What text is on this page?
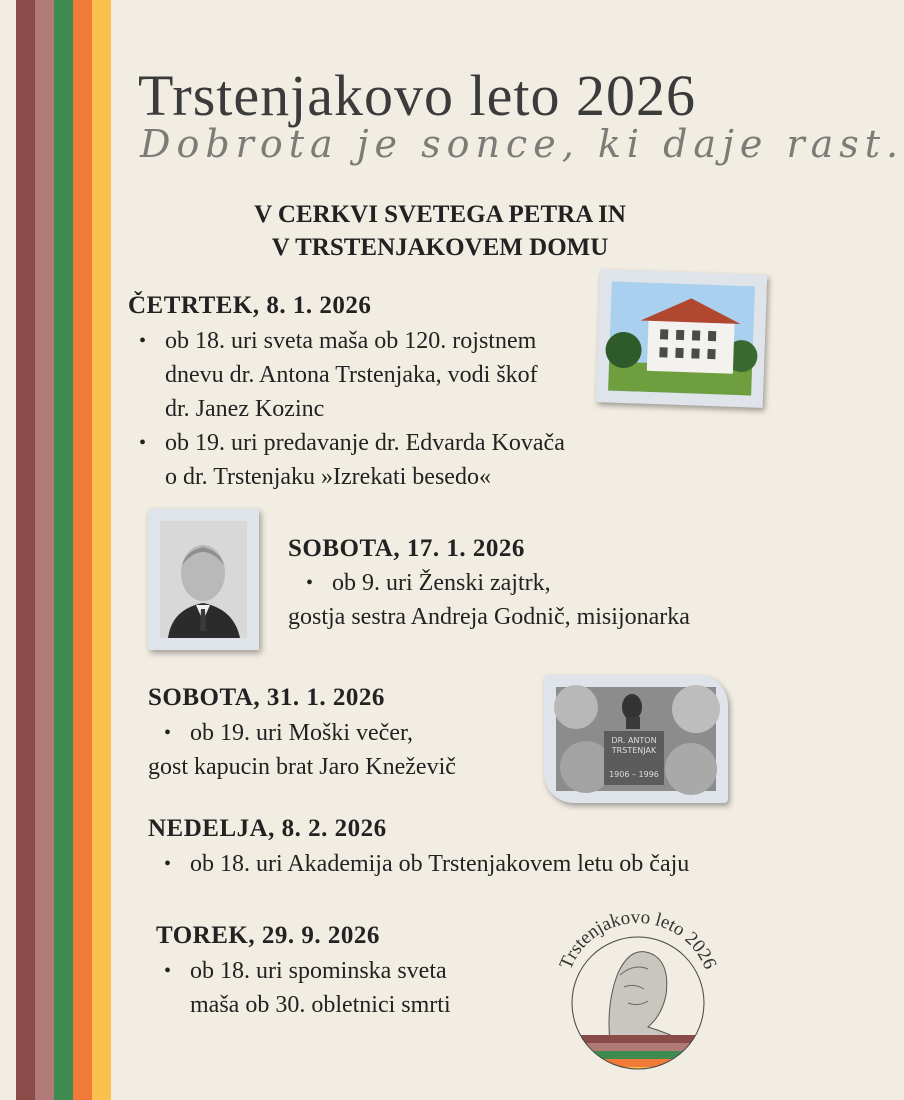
Trstenjakovo leto 2026
Dobrota je sonce, ki daje rast.
V CERKVI SVETEGA PETRA IN
V TRSTENJAKOVEM DOMU
ČETRTEK, 8. 1. 2026
• ob 18. uri sveta maša ob 120. rojstnem
dnevu dr. Antona Trstenjaka, vodi škof
dr. Janez Kozinc
• ob 19. uri predavanje dr. Edvarda Kovača
o dr. Trstenjaku »Izrekati besedo«
SOBOTA, 17. 1. 2026
• ob 9. uri Ženski zajtrk,
gostja sestra Andreja Godnič, misijonarka
SOBOTA, 31. 1. 2026
• ob 19. uri Moški večer,
gost kapucin brat Jaro Kneževič
DR. ANTON
TRSTENJAK
1906 – 1996
NEDELJA, 8. 2. 2026
• ob 18. uri Akademija ob Trstenjakovem letu ob čaju
TOREK, 29. 9. 2026
• ob 18. uri spominska sveta
maša ob 30. obletnici smrti
Trstenjakovo leto 2026
